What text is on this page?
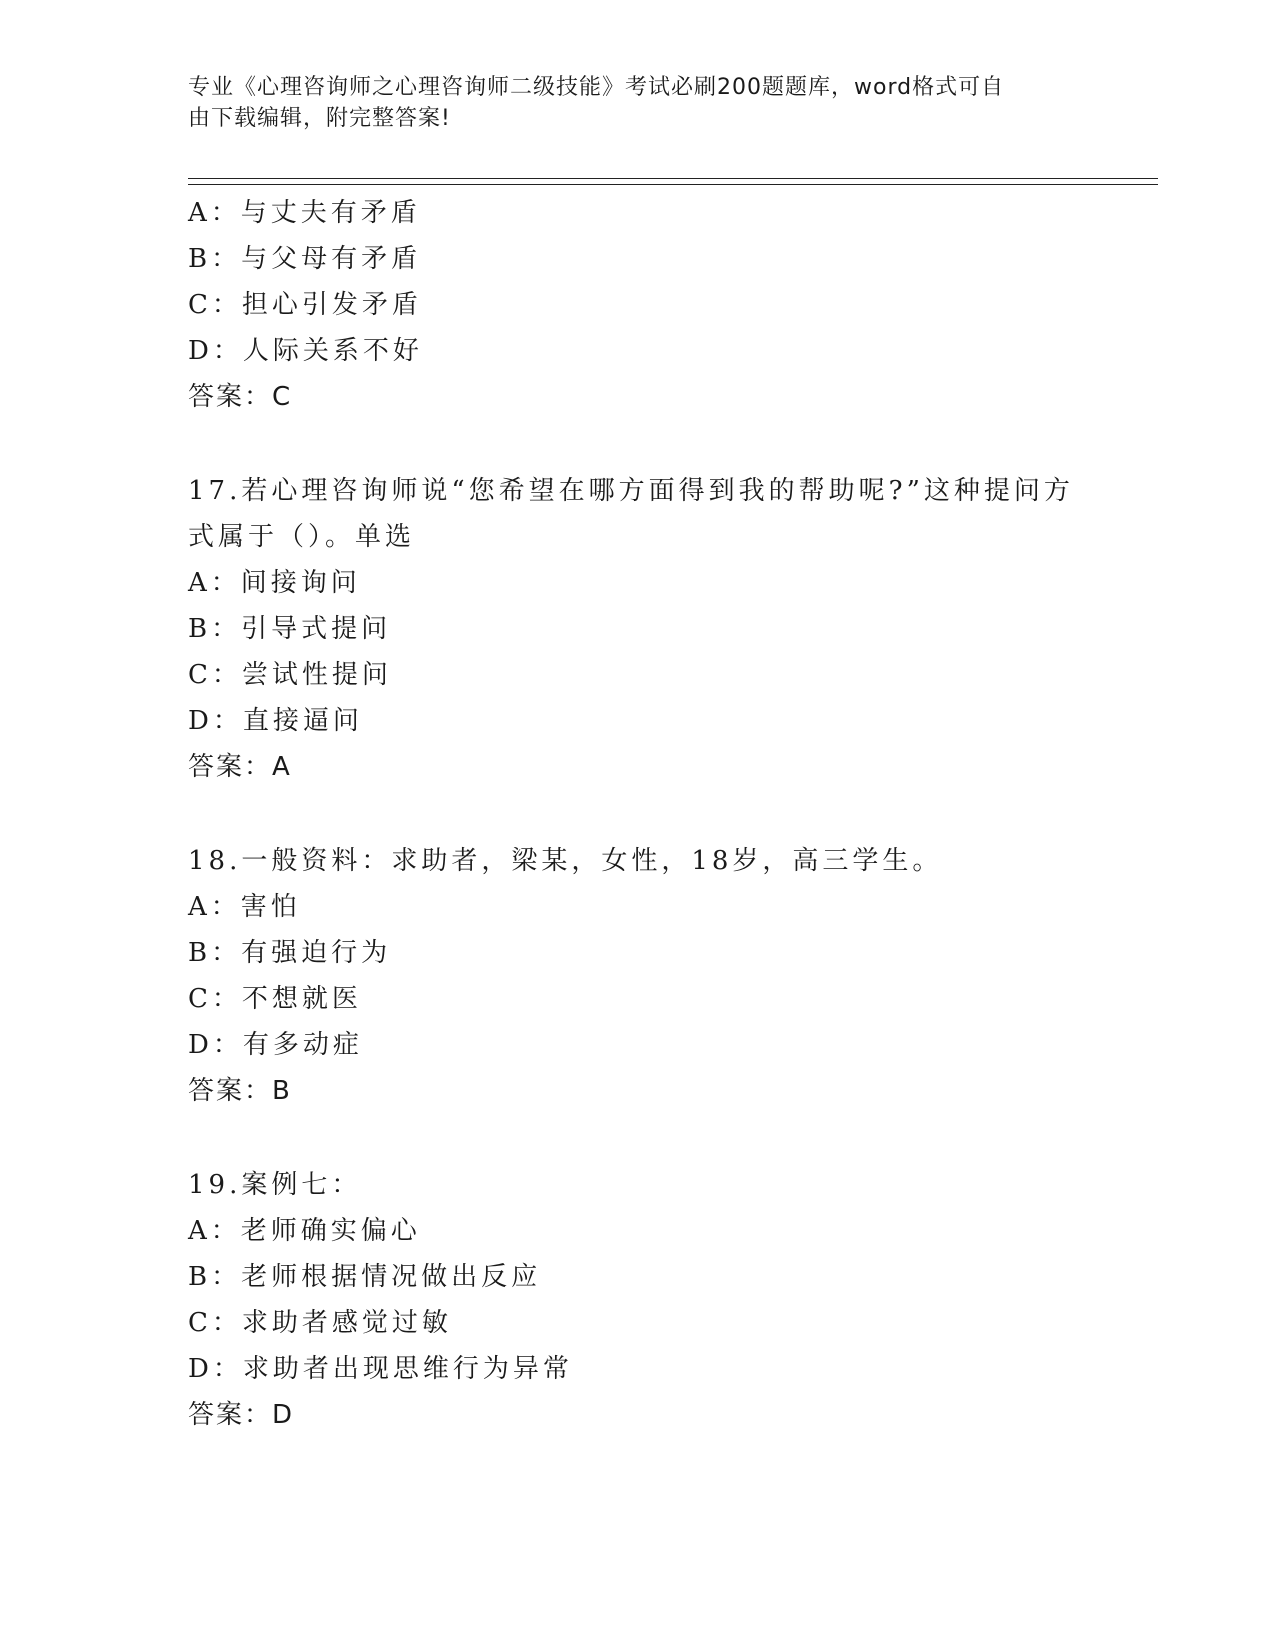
专业《心理咨询师之心理咨询师二级技能》考试必刷200题题库，word格式可自
由下载编辑，附完整答案!
A：与丈夫有矛盾
B：与父母有矛盾
C：担心引发矛盾
D：人际关系不好
答案：C
17.若心理咨询师说“您希望在哪方面得到我的帮助呢?”这种提问方
式属于（）。单选
A：间接询问
B：引导式提问
C：尝试性提问
D：直接逼问
答案：A
18.一般资料：求助者，梁某，女性，18岁，高三学生。
A：害怕
B：有强迫行为
C：不想就医
D：有多动症
答案：B
19.案例七：
A：老师确实偏心
B：老师根据情况做出反应
C：求助者感觉过敏
D：求助者出现思维行为异常
答案：D
